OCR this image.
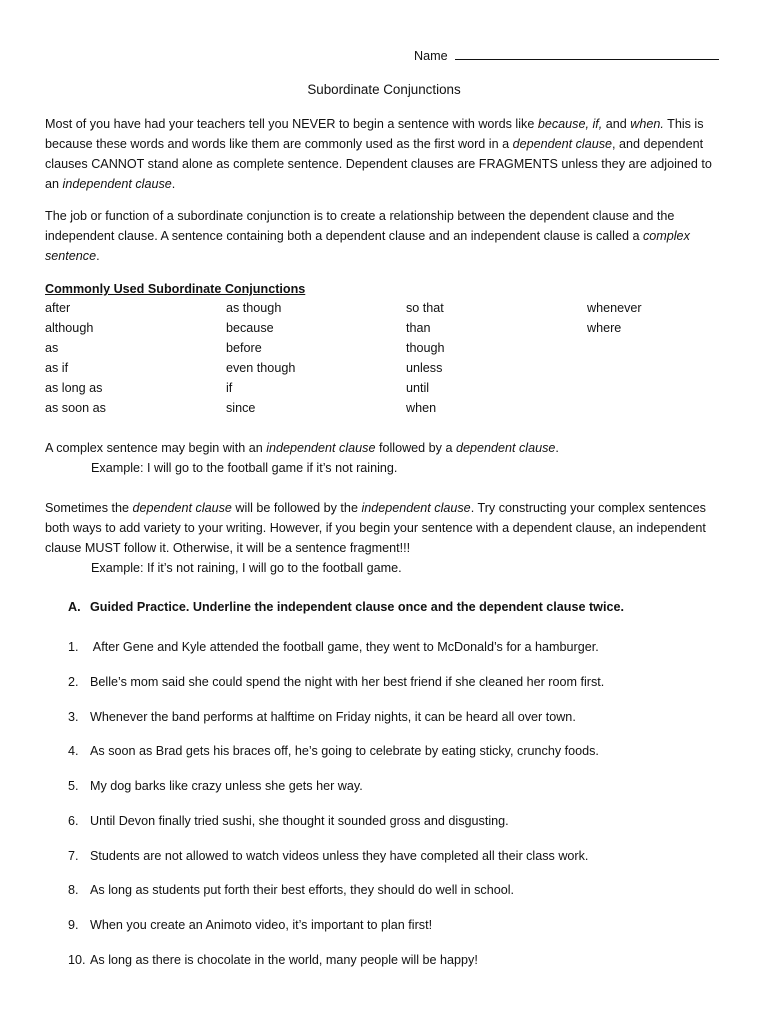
Name
Subordinate Conjunctions
Most of you have had your teachers tell you NEVER to begin a sentence with words like because, if, and when. This is because these words and words like them are commonly used as the first word in a dependent clause, and dependent clauses CANNOT stand alone as complete sentence. Dependent clauses are FRAGMENTS unless they are adjoined to an independent clause.
The job or function of a subordinate conjunction is to create a relationship between the dependent clause and the independent clause. A sentence containing both a dependent clause and an independent clause is called a complex sentence.
Commonly Used Subordinate Conjunctions
after
although
as
as if
as long as
as soon as
as though
because
before
even though
if
since
so that
than
though
unless
until
when
whenever
where
A complex sentence may begin with an independent clause followed by a dependent clause.
Example: I will go to the football game if it’s not raining.
Sometimes the dependent clause will be followed by the independent clause. Try constructing your complex sentences both ways to add variety to your writing. However, if you begin your sentence with a dependent clause, an independent clause MUST follow it. Otherwise, it will be a sentence fragment!!!
Example: If it’s not raining, I will go to the football game.
A. Guided Practice. Underline the independent clause once and the dependent clause twice.
1. After Gene and Kyle attended the football game, they went to McDonald’s for a hamburger.
2. Belle’s mom said she could spend the night with her best friend if she cleaned her room first.
3. Whenever the band performs at halftime on Friday nights, it can be heard all over town.
4. As soon as Brad gets his braces off, he’s going to celebrate by eating sticky, crunchy foods.
5. My dog barks like crazy unless she gets her way.
6. Until Devon finally tried sushi, she thought it sounded gross and disgusting.
7. Students are not allowed to watch videos unless they have completed all their class work.
8. As long as students put forth their best efforts, they should do well in school.
9. When you create an Animoto video, it’s important to plan first!
10. As long as there is chocolate in the world, many people will be happy!
